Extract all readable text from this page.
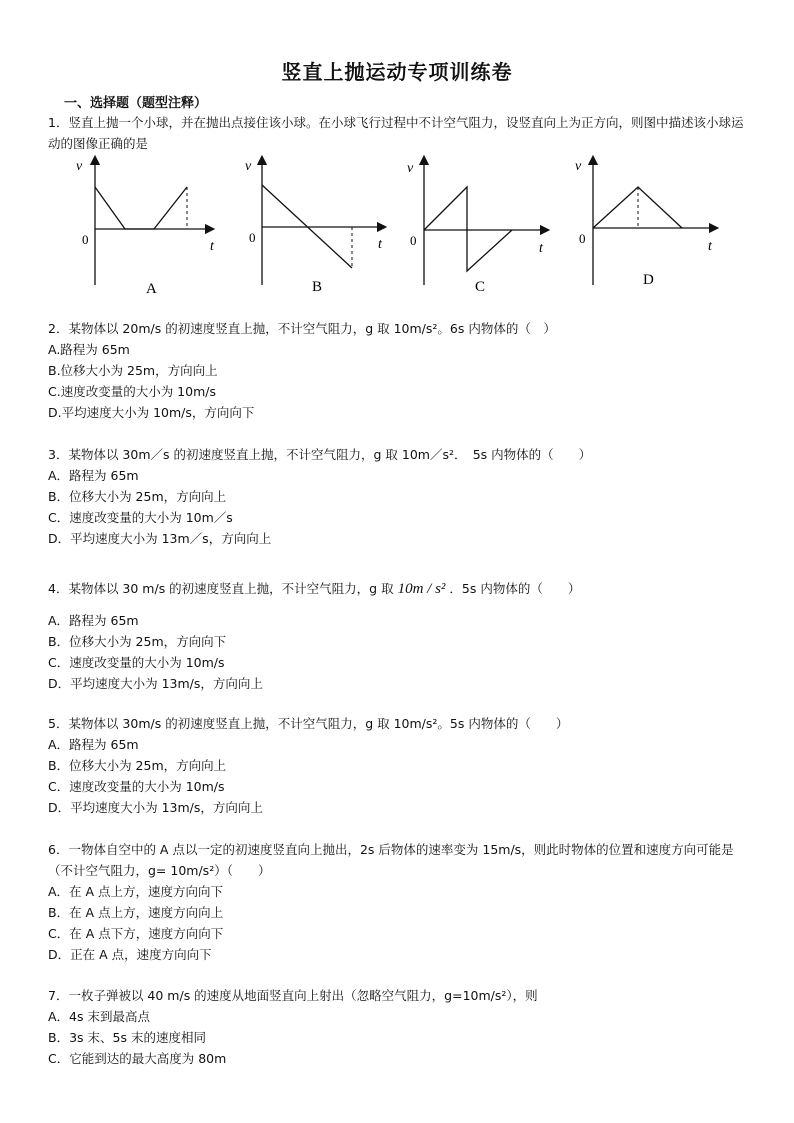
竖直上抛运动专项训练卷
一、选择题（题型注释）
1．竖直上抛一个小球，并在抛出点接住该小球。在小球飞行过程中不计空气阻力，设竖直向上为正方向，则图中描述该小球运动的图像正确的是
v
t
0
A
v
t
0
B
v
t
0
C
v
t
0
D
2．某物体以 20m/s 的初速度竖直上抛，不计空气阻力，g 取 10m/s²。6s 内物体的（　）
A.路程为 65m
B.位移大小为 25m，方向向上
C.速度改变量的大小为 10m/s
D.平均速度大小为 10m/s，方向向下
3．某物体以 30m／s 的初速度竖直上抛，不计空气阻力，g 取 10m／s²．　5s 内物体的（　　）
A．路程为 65m
B．位移大小为 25m，方向向上
C．速度改变量的大小为 10m／s
D．平均速度大小为 13m／s，方向向上
4．某物体以 30 m/s 的初速度竖直上抛，不计空气阻力，g 取 10m / s² ．5s 内物体的（　　）
A．路程为 65m
B．位移大小为 25m，方向向下
C．速度改变量的大小为 10m/s
D．平均速度大小为 13m/s，方向向上
5．某物体以 30m/s 的初速度竖直上抛，不计空气阻力，g 取 10m/s²。5s 内物体的（　　）
A．路程为 65m
B．位移大小为 25m，方向向上
C．速度改变量的大小为 10m/s
D．平均速度大小为 13m/s，方向向上
6．一物体自空中的 A 点以一定的初速度竖直向上抛出，2s 后物体的速率变为 15m/s，则此时物体的位置和速度方向可能是（不计空气阻力，g= 10m/s²）（　　）
A．在 A 点上方，速度方向向下
B．在 A 点上方，速度方向向上
C．在 A 点下方，速度方向向下
D．正在 A 点，速度方向向下
7．一枚子弹被以 40 m/s 的速度从地面竖直向上射出（忽略空气阻力，g=10m/s²），则
A．4s 末到最高点
B．3s 末、5s 末的速度相同
C．它能到达的最大高度为 80m
